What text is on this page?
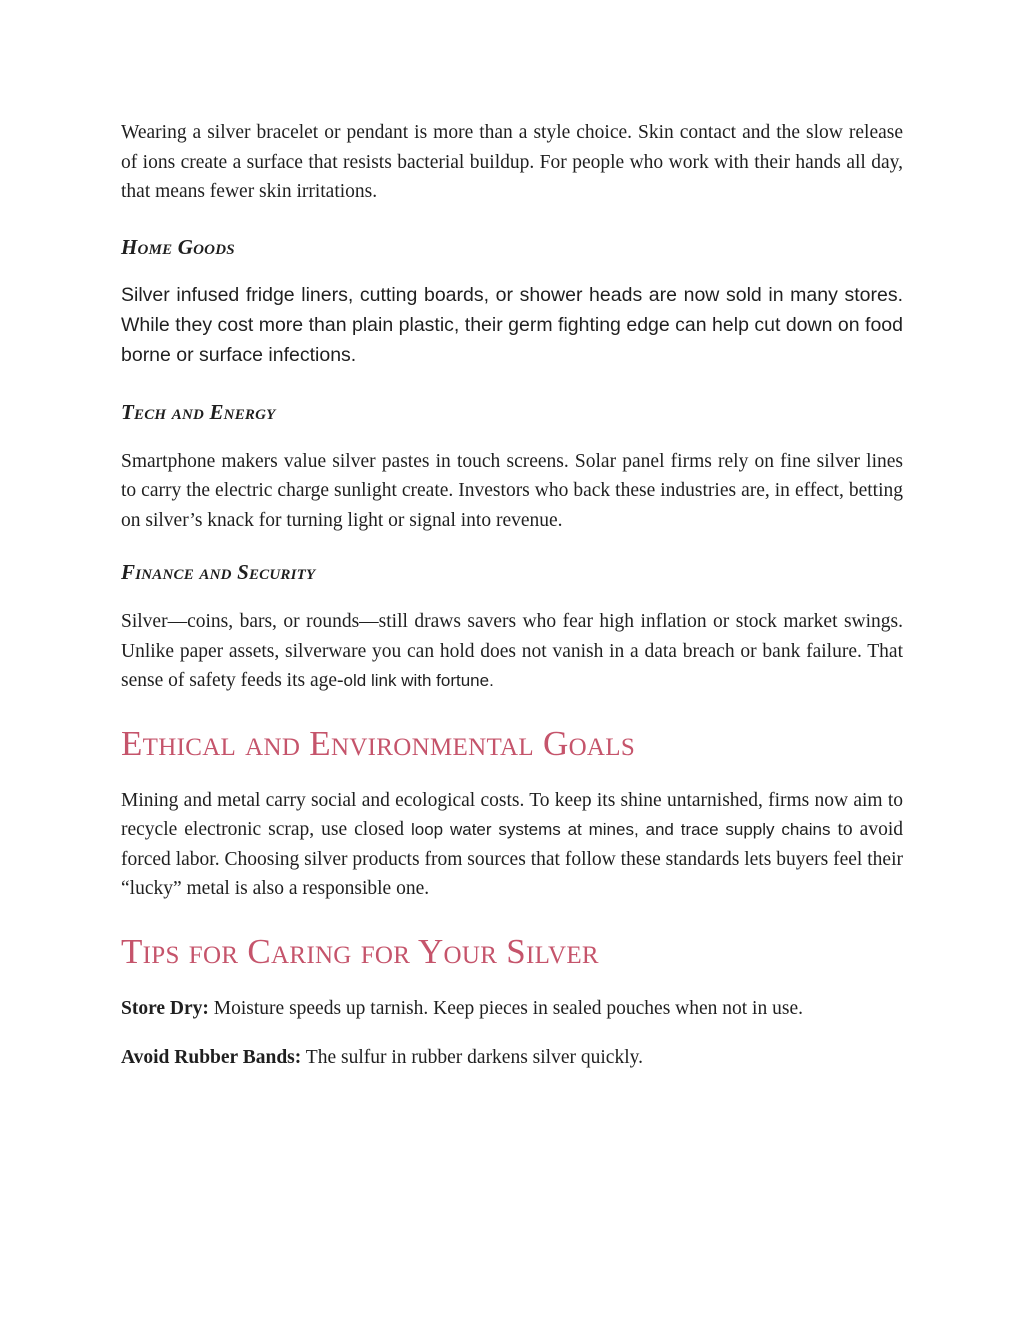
Wearing a silver bracelet or pendant is more than a style choice. Skin contact and the slow release of ions create a surface that resists bacterial buildup. For people who work with their hands all day, that means fewer skin irritations.

Home Goods

Silver infused fridge liners, cutting boards, or shower heads are now sold in many stores. While they cost more than plain plastic, their germ fighting edge can help cut down on food borne or surface infections.

Tech and Energy

Smartphone makers value silver pastes in touch screens. Solar panel firms rely on fine silver lines to carry the electric charge sunlight create. Investors who back these industries are, in effect, betting on silver’s knack for turning light or signal into revenue.

Finance and Security

Silver—coins, bars, or rounds—still draws savers who fear high inflation or stock market swings. Unlike paper assets, silverware you can hold does not vanish in a data breach or bank failure. That sense of safety feeds its age-old link with fortune.

Ethical and Environmental Goals

Mining and metal carry social and ecological costs. To keep its shine untarnished, firms now aim to recycle electronic scrap, use closed loop water systems at mines, and trace supply chains to avoid forced labor. Choosing silver products from sources that follow these standards lets buyers feel their “lucky” metal is also a responsible one.

Tips for Caring for Your Silver

Store Dry: Moisture speeds up tarnish. Keep pieces in sealed pouches when not in use.

Avoid Rubber Bands: The sulfur in rubber darkens silver quickly.
